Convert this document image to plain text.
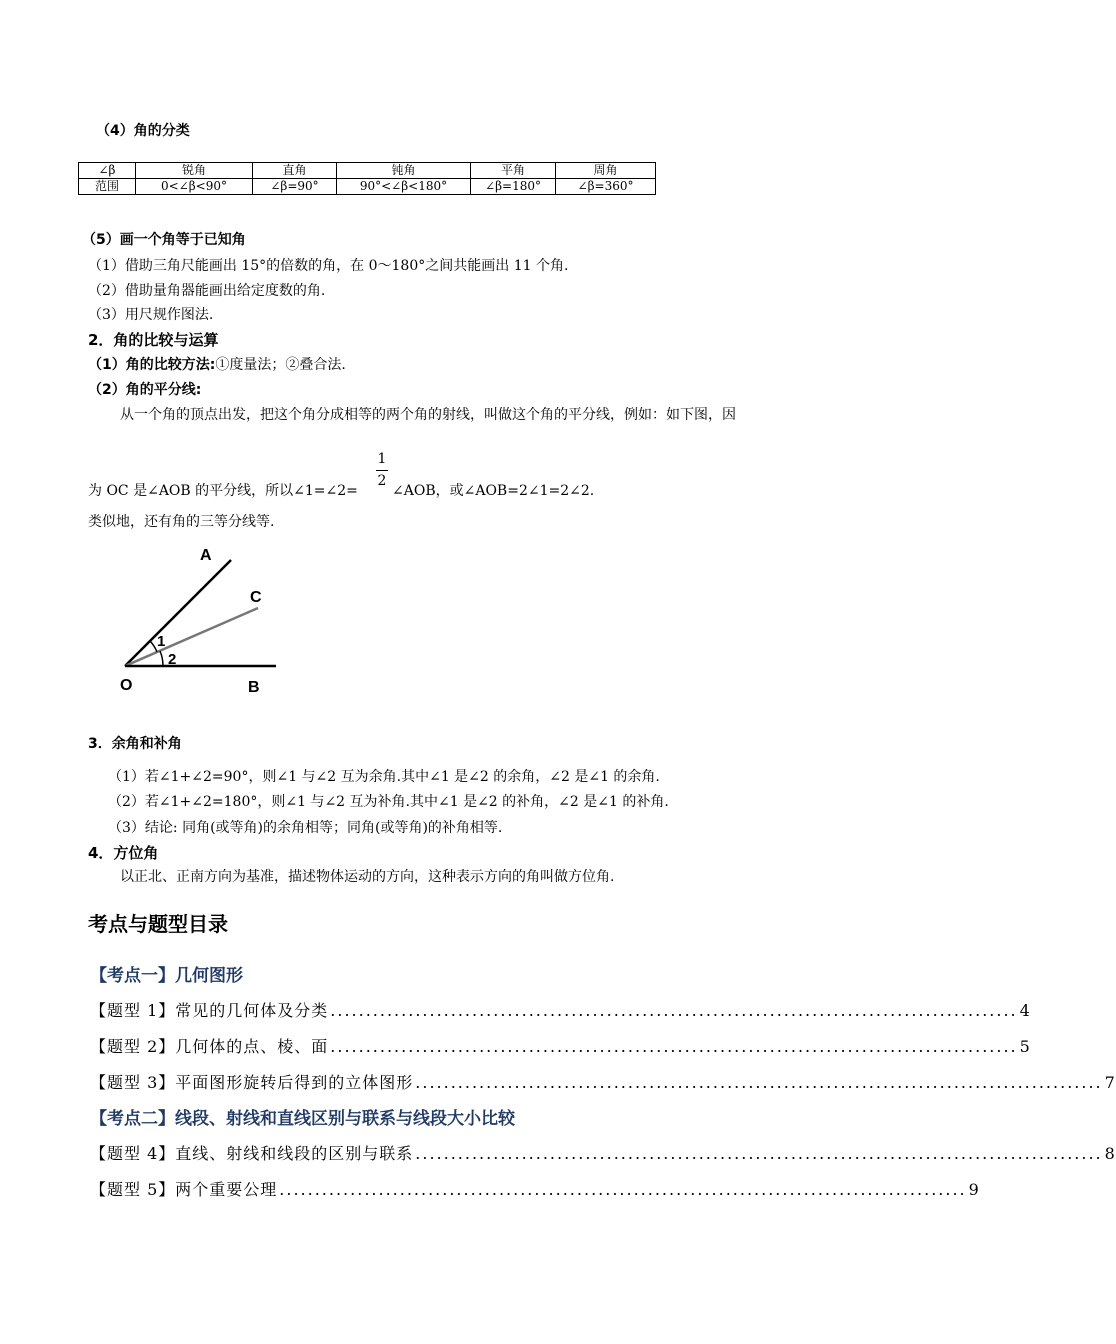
（4）角的分类
∠β	锐角	直角	钝角	平角	周角
范围	0<∠β<90°	∠β=90°	90°<∠β<180°	∠β=180°	∠β=360°
（5）画一个角等于已知角
（1）借助三角尺能画出 15°的倍数的角，在 0～180°之间共能画出 11 个角.
（2）借助量角器能画出给定度数的角.
（3）用尺规作图法.
2．角的比较与运算
（1）角的比较方法:①度量法；②叠合法.
（2）角的平分线:
从一个角的顶点出发，把这个角分成相等的两个角的射线，叫做这个角的平分线，例如：如下图，因
为 OC 是∠AOB 的平分线，所以∠1=∠2=
1
2
∠AOB，或∠AOB=2∠1=2∠2.
类似地，还有角的三等分线等.
A
C
1
2
O	B
3．余角和补角
（1）若∠1+∠2=90°，则∠1 与∠2 互为余角.其中∠1 是∠2 的余角，∠2 是∠1 的余角.
（2）若∠1+∠2=180°，则∠1 与∠2 互为补角.其中∠1 是∠2 的补角，∠2 是∠1 的补角.
（3）结论: 同角(或等角)的余角相等；同角(或等角)的补角相等.
4．方位角
以正北、正南方向为基准，描述物体运动的方向，这种表示方向的角叫做方位角.
考点与题型目录
【考点一】几何图形
【题型 1】常见的几何体及分类 ................................................................................................. 4
【题型 2】几何体的点、棱、面 ................................................................................................. 5
【题型 3】平面图形旋转后得到的立体图形 ................................................................................................. 7
【考点二】线段、射线和直线区别与联系与线段大小比较
【题型 4】直线、射线和线段的区别与联系 ................................................................................................. 8
【题型 5】两个重要公理 ................................................................................................. 9
